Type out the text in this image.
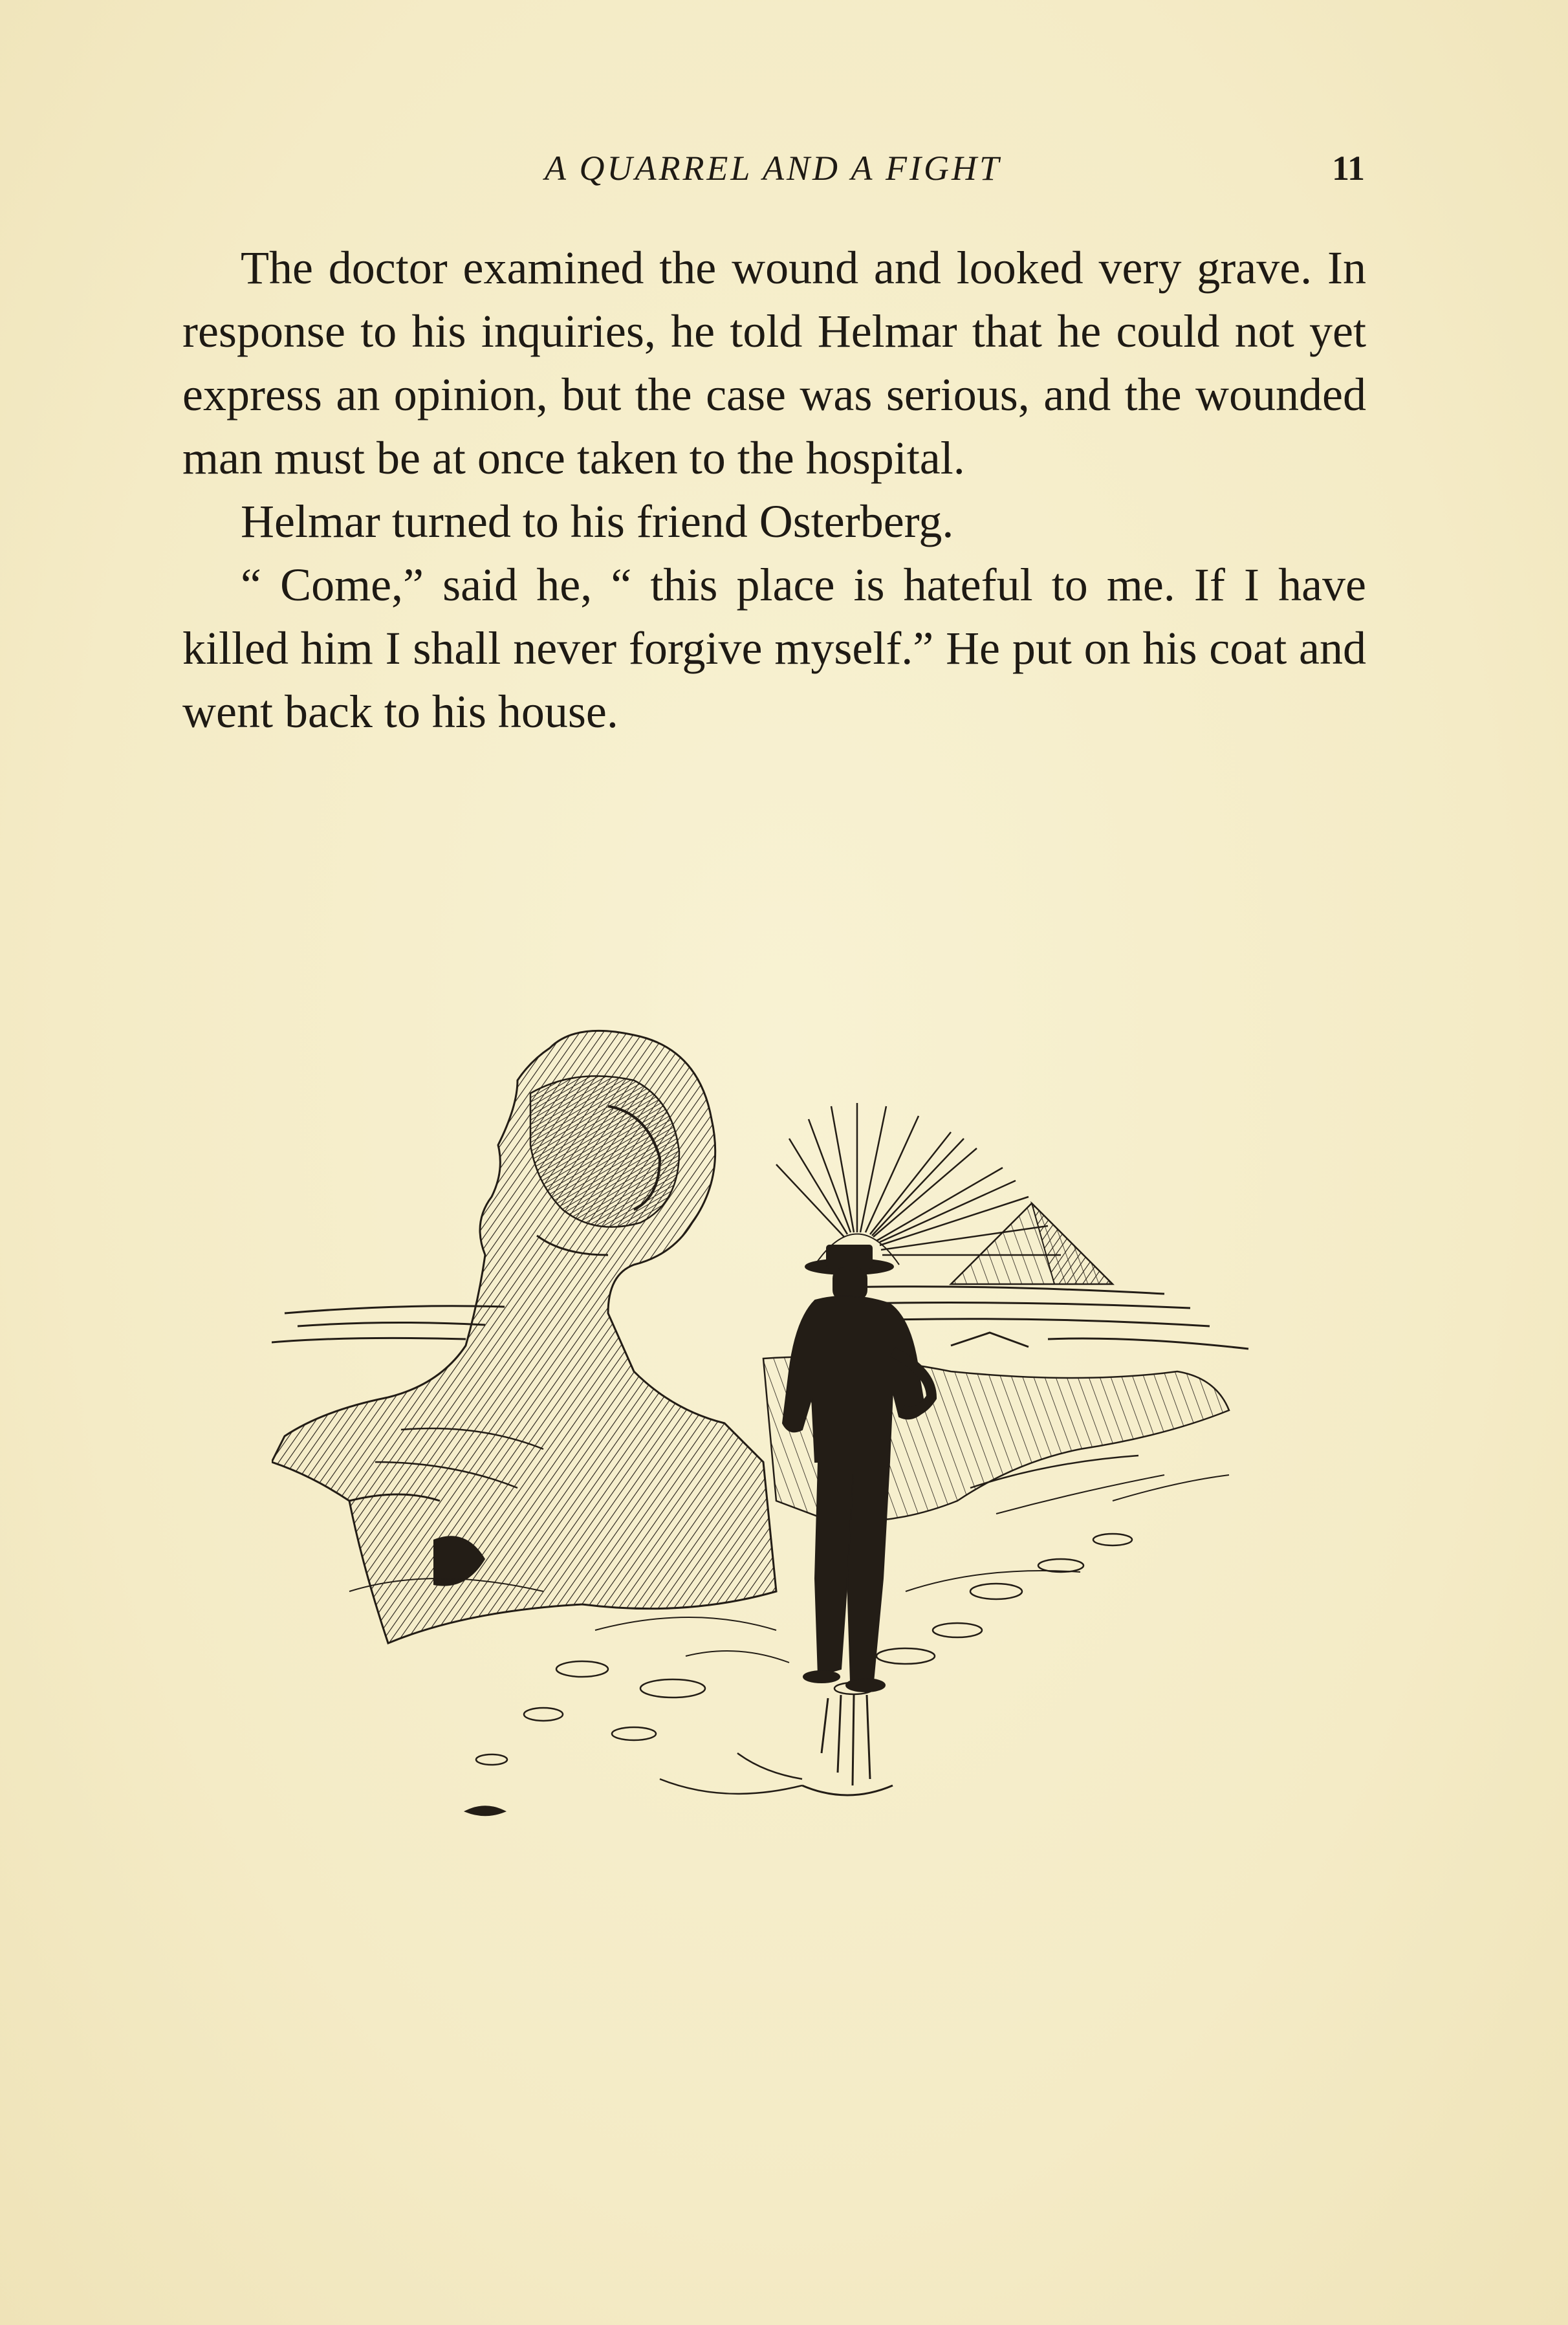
A QUARREL AND A FIGHT	11

The doctor examined the wound and looked very grave. In response to his inquiries, he told Helmar that he could not yet express an opinion, but the case was serious, and the wounded man must be at once taken to the hospital.

Helmar turned to his friend Osterberg.

“ Come,” said he, “ this place is hateful to me. If I have killed him I shall never forgive myself.” He put on his coat and went back to his house.
